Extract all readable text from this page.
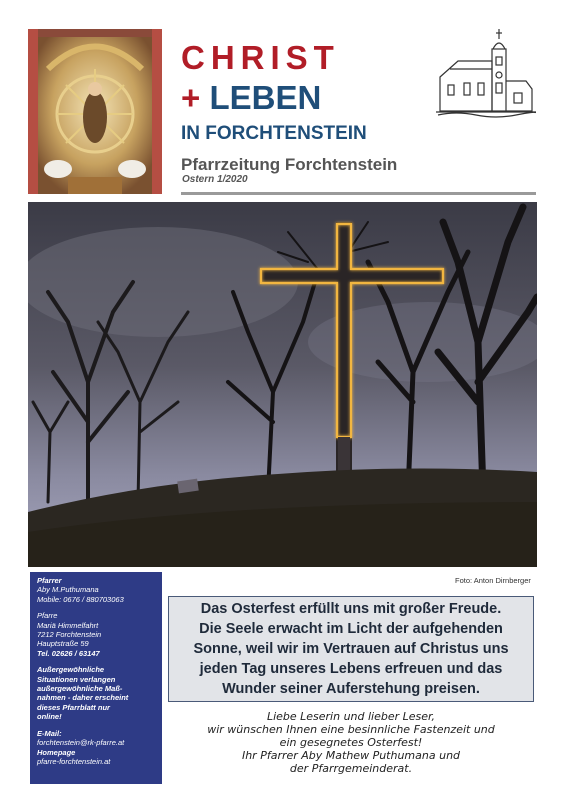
CHRIST
+ LEBEN
IN FORCHTENSTEIN
Pfarrzeitung Forchtenstein
Ostern 1/2020
Foto: Anton Dirnberger
Pfarrer
Aby M.Puthumana
Mobile: 0676 / 880703063
Pfarre
Mariä Himmelfahrt
7212 Forchtenstein
Hauptstraße 59
Tel. 02626 / 63147
Außergewöhnliche
Situationen verlangen
außergewöhnliche Maß-
nahmen - daher erscheint
dieses Pfarrblatt nur
online!
E-Mail:
forchtenstein@rk-pfarre.at
Homepage
pfarre-forchtenstein.at
Das Osterfest erfüllt uns mit großer Freude.
Die Seele erwacht im Licht der aufgehenden
Sonne, weil wir im Vertrauen auf Christus uns
jeden Tag unseres Lebens erfreuen und das
Wunder seiner Auferstehung preisen.
Liebe Leserin und lieber Leser,
wir wünschen Ihnen eine besinnliche Fastenzeit und
ein gesegnetes Osterfest!
Ihr Pfarrer Aby Mathew Puthumana und
der Pfarrgemeinderat.
